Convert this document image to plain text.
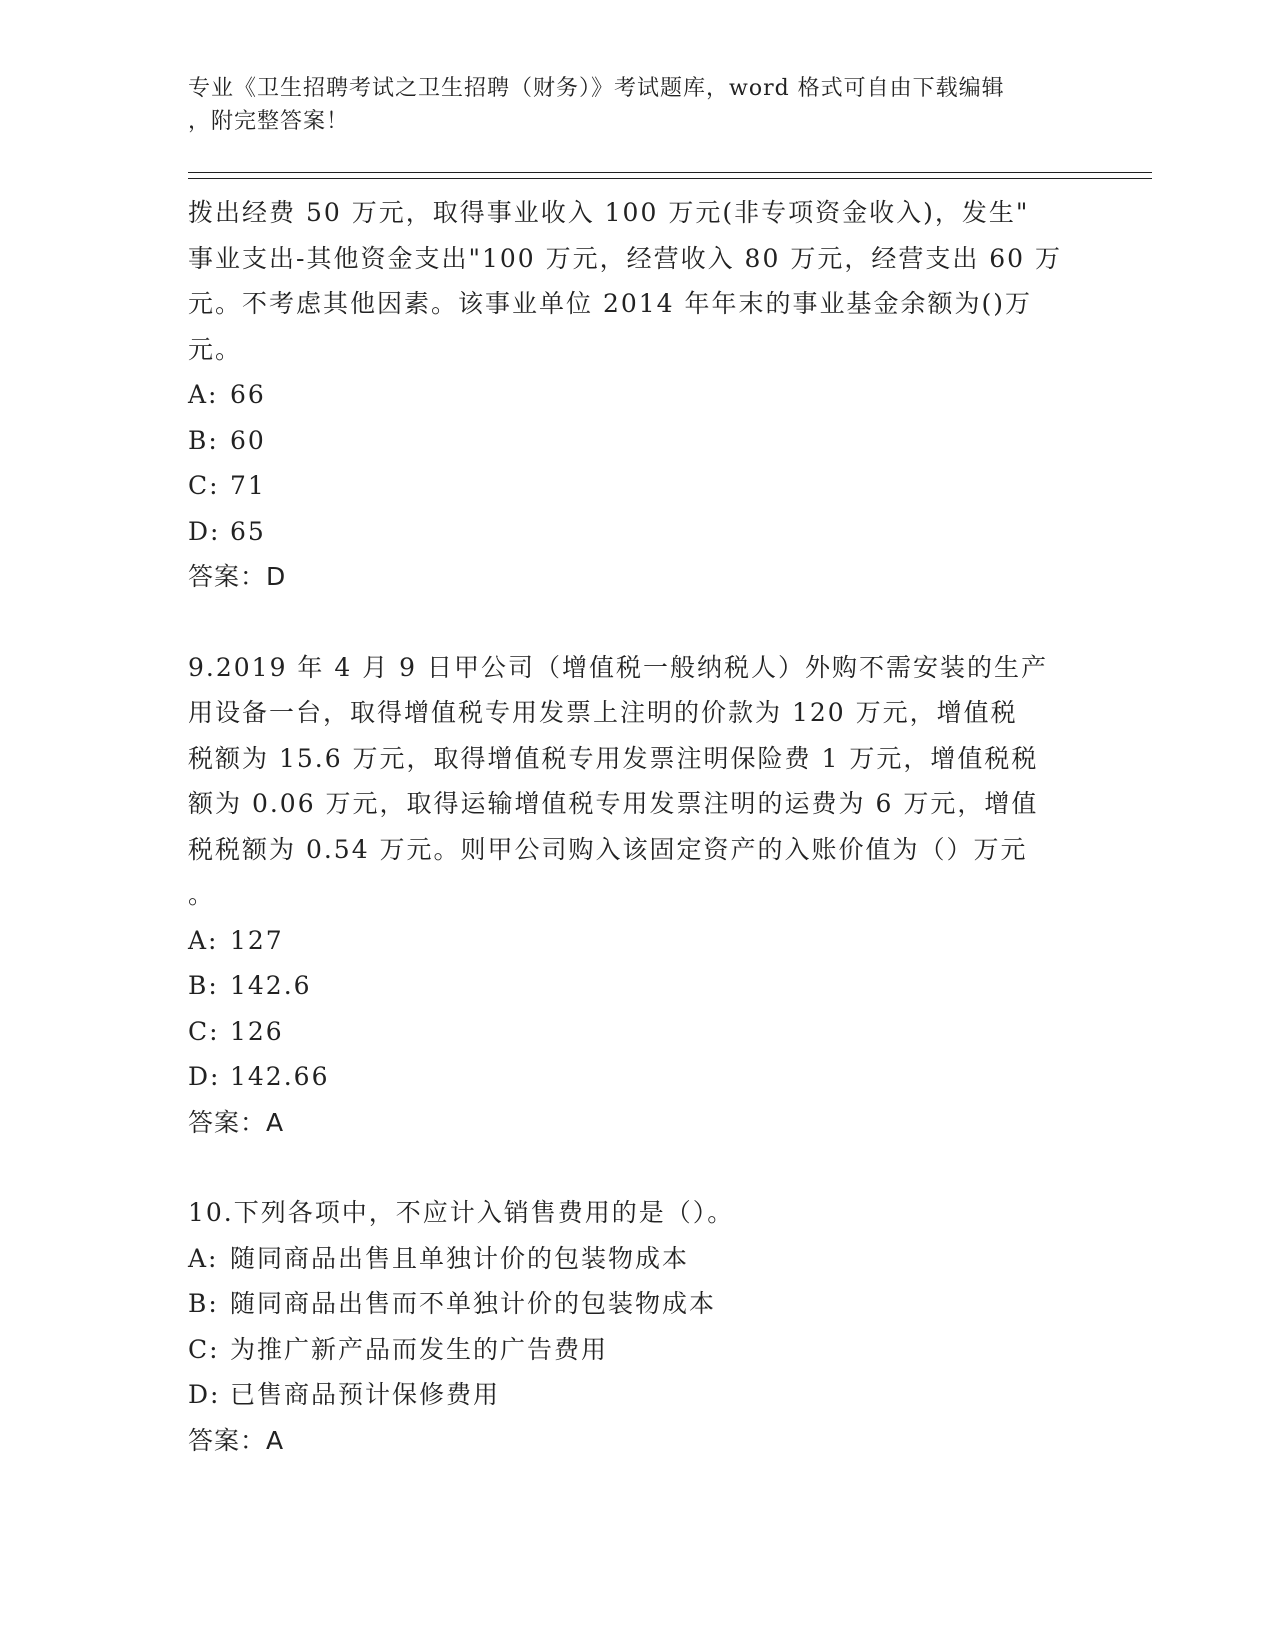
专业《卫生招聘考试之卫生招聘（财务）》考试题库，word 格式可自由下载编辑
，附完整答案！

拨出经费 50 万元，取得事业收入 100 万元(非专项资金收入)，发生"

事业支出-其他资金支出"100 万元，经营收入 80 万元，经营支出 60 万

元。不考虑其他因素。该事业单位 2014 年年末的事业基金余额为()万

元。

A: 66

B: 60

C: 71

D: 65

答案：D

9.2019 年 4 月 9 日甲公司（增值税一般纳税人）外购不需安装的生产

用设备一台，取得增值税专用发票上注明的价款为 120 万元，增值税

税额为 15.6 万元，取得增值税专用发票注明保险费 1 万元，增值税税

额为 0.06 万元，取得运输增值税专用发票注明的运费为 6 万元，增值

税税额为 0.54 万元。则甲公司购入该固定资产的入账价值为（）万元

。

A: 127

B: 142.6

C: 126

D: 142.66

答案：A

10.下列各项中，不应计入销售费用的是（）。

A: 随同商品出售且单独计价的包装物成本

B: 随同商品出售而不单独计价的包装物成本

C: 为推广新产品而发生的广告费用

D: 已售商品预计保修费用

答案：A
